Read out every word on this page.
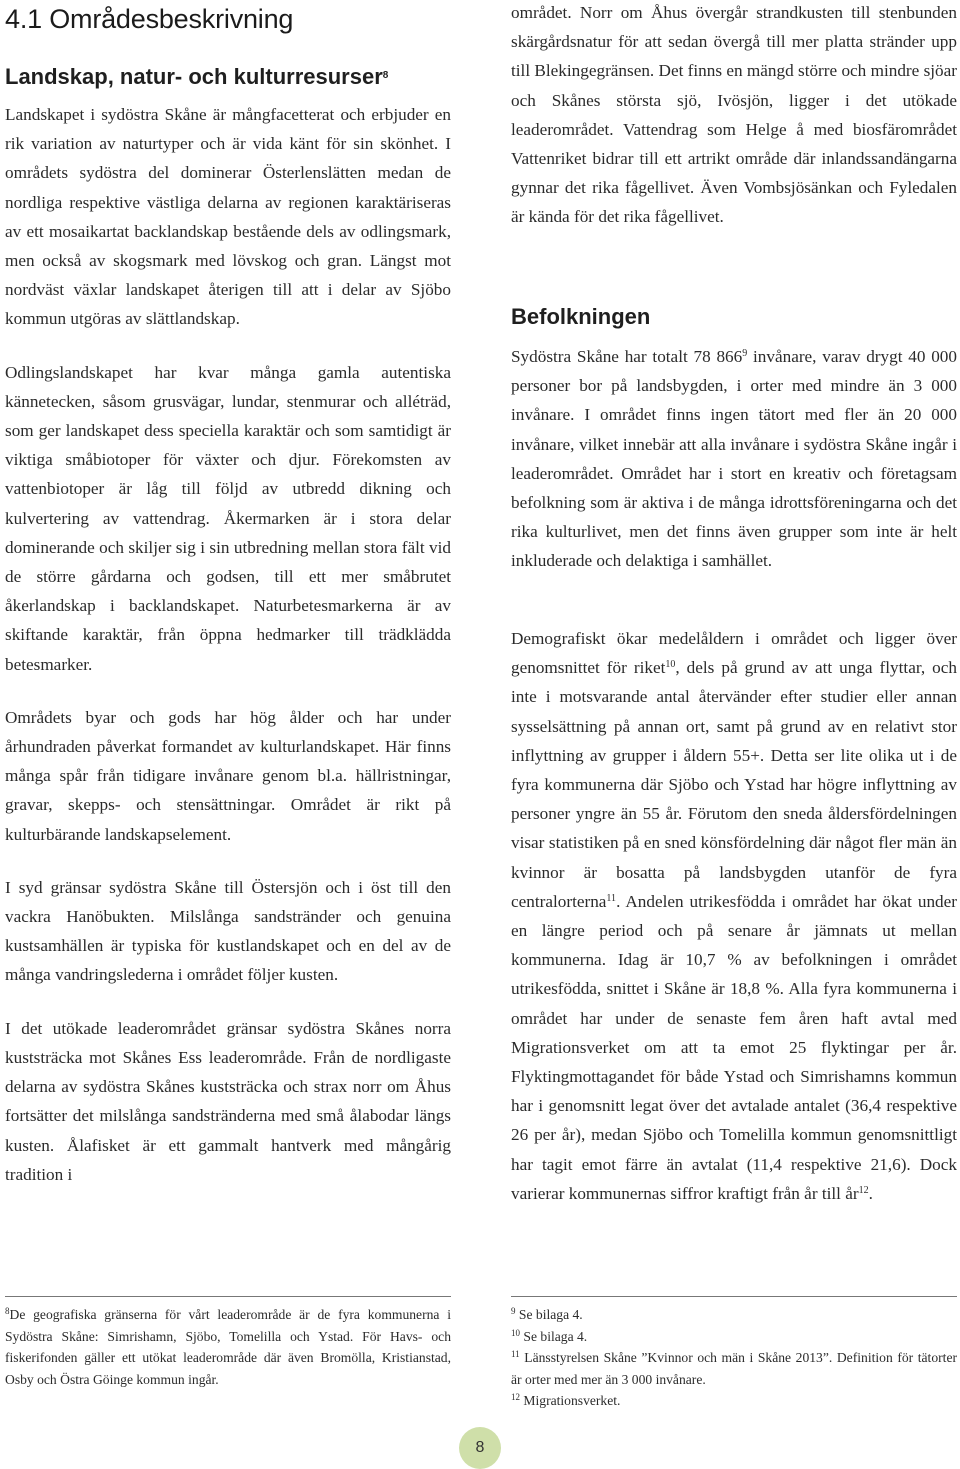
4.1 Områdesbeskrivning
Landskap, natur- och kulturresurser$^8$

Landskapet i sydöstra Skåne är mångfacetterat och erbjuder en rik variation av naturtyper och är vida känt för sin skönhet. I områdets sydöstra del dominerar Österlenslätten medan de nordliga respektive västliga delarna av regionen karaktäriseras av ett mosaikartat backlandskap bestående dels av odlingsmark, men också av skogsmark med lövskog och gran. Längst mot nordväst växlar landskapet återigen till att i delar av Sjöbo kommun utgöras av slättlandskap.

Odlingslandskapet har kvar många gamla autentiska kännetecken, såsom grusvägar, lundar, stenmurar och alléträd, som ger landskapet dess speciella karaktär och som samtidigt är viktiga småbiotoper för växter och djur. Förekomsten av vattenbiotoper är låg till följd av utbredd dikning och kulvertering av vattendrag. Åkermarken är i stora delar dominerande och skiljer sig i sin utbredning mellan stora fält vid de större gårdarna och godsen, till ett mer småbrutet åkerlandskap i backlandskapet. Naturbetesmarkerna är av skiftande karaktär, från öppna hedmarker till trädklädda betesmarker.

Områdets byar och gods har hög ålder och har under århundraden påverkat formandet av kulturlandskapet. Här finns många spår från tidigare invånare genom bl.a. hällristningar, gravar, skepps- och stensättningar. Området är rikt på kulturbärande landskapselement.

I syd gränsar sydöstra Skåne till Östersjön och i öst till den vackra Hanöbukten. Milslånga sandstränder och genuina kustsamhällen är typiska för kustlandskapet och en del av de många vandringslederna i området följer kusten.

I det utökade leaderområdet gränsar sydöstra Skånes norra kuststräcka mot Skånes Ess leaderområde. Från de nordligaste delarna av sydöstra Skånes kuststräcka och strax norr om Åhus fortsätter det milslånga sandstränderna med små ålabodar längs kusten. Ålafisket är ett gammalt hantverk med mångårig tradition i

$^8$De geografiska gränserna för vårt leaderområde är de fyra kommunerna i Sydöstra Skåne: Simrishamn, Sjöbo, Tomelilla och Ystad. För Havs- och fiskerifonden gäller ett utökat leaderområde där även Bromölla, Kristianstad, Osby och Östra Göinge kommun ingår.

området. Norr om Åhus övergår strandkusten till stenbunden skärgårdsnatur för att sedan övergå till mer platta stränder upp till Blekingegränsen. Det finns en mängd större och mindre sjöar och Skånes största sjö, Ivösjön, ligger i det utökade leaderområdet. Vattendrag som Helge å med biosfärområdet Vattenriket bidrar till ett artrikt område där inlandssandängarna gynnar det rika fågellivet. Även Vombsjösänkan och Fyledalen är kända för det rika fågellivet.

Befolkningen

Sydöstra Skåne har totalt 78 $866^9$ invånare, varav drygt 40 000 personer bor på landsbygden, i orter med mindre än 3 000 invånare. I området finns ingen tätort med fler än 20 000 invånare, vilket innebär att alla invånare i sydöstra Skåne ingår i leaderområdet. Området har i stort en kreativ och företagsam befolkning som är aktiva i de många idrottsföreningarna och det rika kulturlivet, men det finns även grupper som inte är helt inkluderade och delaktiga i samhället.

Demografiskt ökar medelåldern i området och ligger över genomsnittet för riket$^{10}$, dels på grund av att unga flyttar, och inte i motsvarande antal återvänder efter studier eller annan sysselsättning på annan ort, samt på grund av en relativt stor inflyttning av grupper i åldern 55+. Detta ser lite olika ut i de fyra kommunerna där Sjöbo och Ystad har högre inflyttning av personer yngre än 55 år. Förutom den sneda åldersfördelningen visar statistiken på en sned könsfördelning där något fler män än kvinnor är bosatta på landsbygden utanför de fyra centralorterna$^{11}$. Andelen utrikesfödda i området har ökat under en längre period och på senare år jämnats ut mellan kommunerna. Idag är 10,7 % av befolkningen i området utrikesfödda, snittet i Skåne är 18,8 %. Alla fyra kommunerna i området har under de senaste fem åren haft avtal med Migrationsverket om att ta emot 25 flyktingar per år. Flyktingmottagandet för både Ystad och Simrishamns kommun har i genomsnitt legat över det avtalade antalet (36,4 respektive 26 per år), medan Sjöbo och Tomelilla kommun genomsnittligt har tagit emot färre än avtalat (11,4 respektive 21,6). Dock varierar kommunernas siffror kraftigt från år till $år^{12}$.

$^9$ Se bilaga 4.
$^{10}$ Se bilaga 4.
$^{11}$ Länsstyrelsen Skåne ”Kvinnor och män i Skåne 2013”. Definition för tätorter är orter med mer än 3 000 invånare.
$^{12}$ Migrationsverket.
8
